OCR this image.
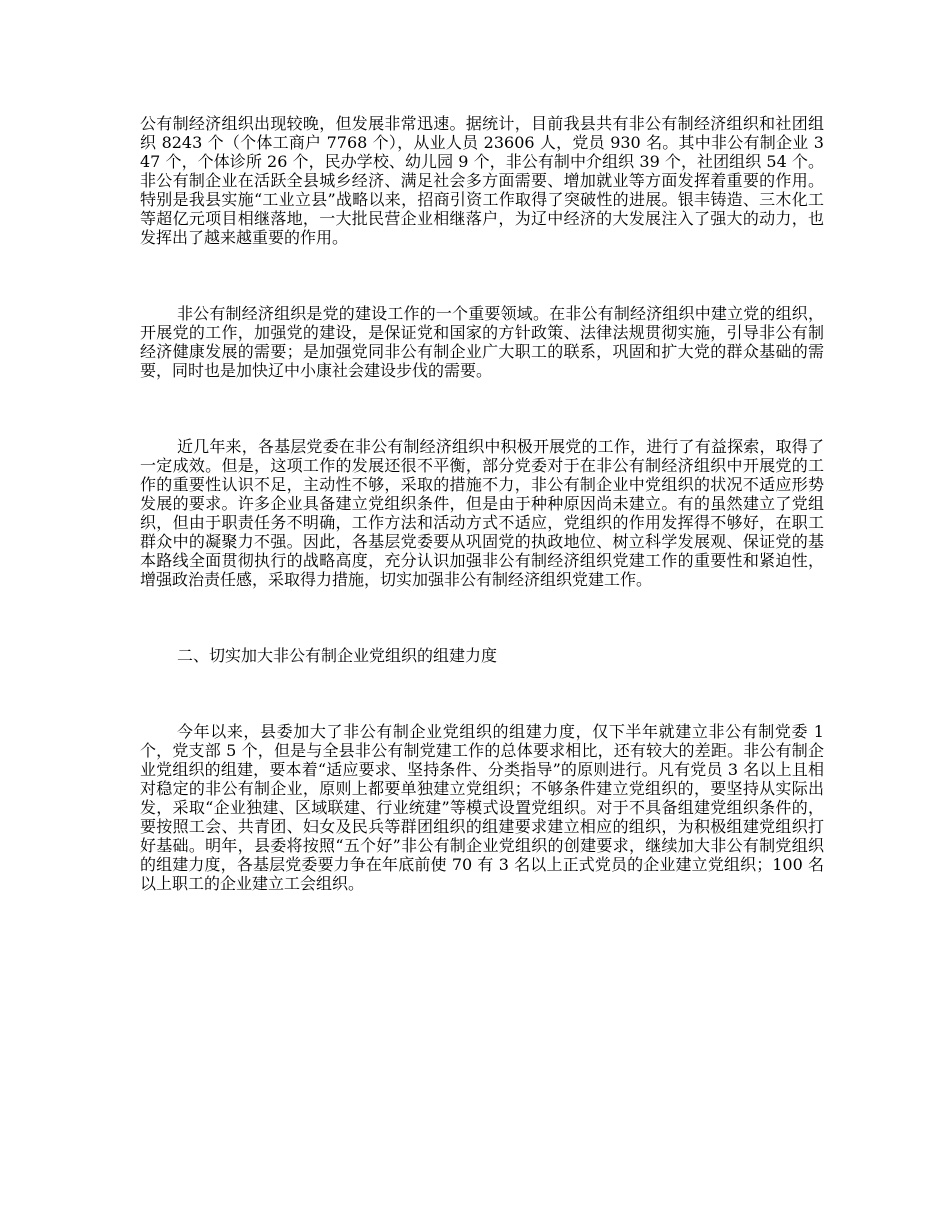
公有制经济组织出现较晚，但发展非常迅速。据统计，目前我县共有非公有制经济组织和社团组织 8243 个（个体工商户 7768 个），从业人员 23606 人，党员 930 名。其中非公有制企业 347 个，个体诊所 26 个，民办学校、幼儿园 9 个，非公有制中介组织 39 个，社团组织 54 个。非公有制企业在活跃全县城乡经济、满足社会多方面需要、增加就业等方面发挥着重要的作用。特别是我县实施“工业立县”战略以来，招商引资工作取得了突破性的进展。银丰铸造、三木化工等超亿元项目相继落地，一大批民营企业相继落户，为辽中经济的大发展注入了强大的动力，也发挥出了越来越重要的作用。

非公有制经济组织是党的建设工作的一个重要领域。在非公有制经济组织中建立党的组织，开展党的工作，加强党的建设，是保证党和国家的方针政策、法律法规贯彻实施，引导非公有制经济健康发展的需要；是加强党同非公有制企业广大职工的联系，巩固和扩大党的群众基础的需要，同时也是加快辽中小康社会建设步伐的需要。

近几年来，各基层党委在非公有制经济组织中积极开展党的工作，进行了有益探索，取得了一定成效。但是，这项工作的发展还很不平衡，部分党委对于在非公有制经济组织中开展党的工作的重要性认识不足，主动性不够，采取的措施不力，非公有制企业中党组织的状况不适应形势发展的要求。许多企业具备建立党组织条件，但是由于种种原因尚未建立。有的虽然建立了党组织，但由于职责任务不明确，工作方法和活动方式不适应，党组织的作用发挥得不够好，在职工群众中的凝聚力不强。因此，各基层党委要从巩固党的执政地位、树立科学发展观、保证党的基本路线全面贯彻执行的战略高度，充分认识加强非公有制经济组织党建工作的重要性和紧迫性，增强政治责任感，采取得力措施，切实加强非公有制经济组织党建工作。

二、切实加大非公有制企业党组织的组建力度

今年以来，县委加大了非公有制企业党组织的组建力度，仅下半年就建立非公有制党委 1 个，党支部 5 个，但是与全县非公有制党建工作的总体要求相比，还有较大的差距。非公有制企业党组织的组建，要本着“适应要求、坚持条件、分类指导”的原则进行。凡有党员 3 名以上且相对稳定的非公有制企业，原则上都要单独建立党组织；不够条件建立党组织的，要坚持从实际出发，采取“企业独建、区域联建、行业统建”等模式设置党组织。对于不具备组建党组织条件的，要按照工会、共青团、妇女及民兵等群团组织的组建要求建立相应的组织，为积极组建党组织打好基础。明年，县委将按照“五个好”非公有制企业党组织的创建要求，继续加大非公有制党组织的组建力度，各基层党委要力争在年底前使 70 有 3 名以上正式党员的企业建立党组织；100 名以上职工的企业建立工会组织。
